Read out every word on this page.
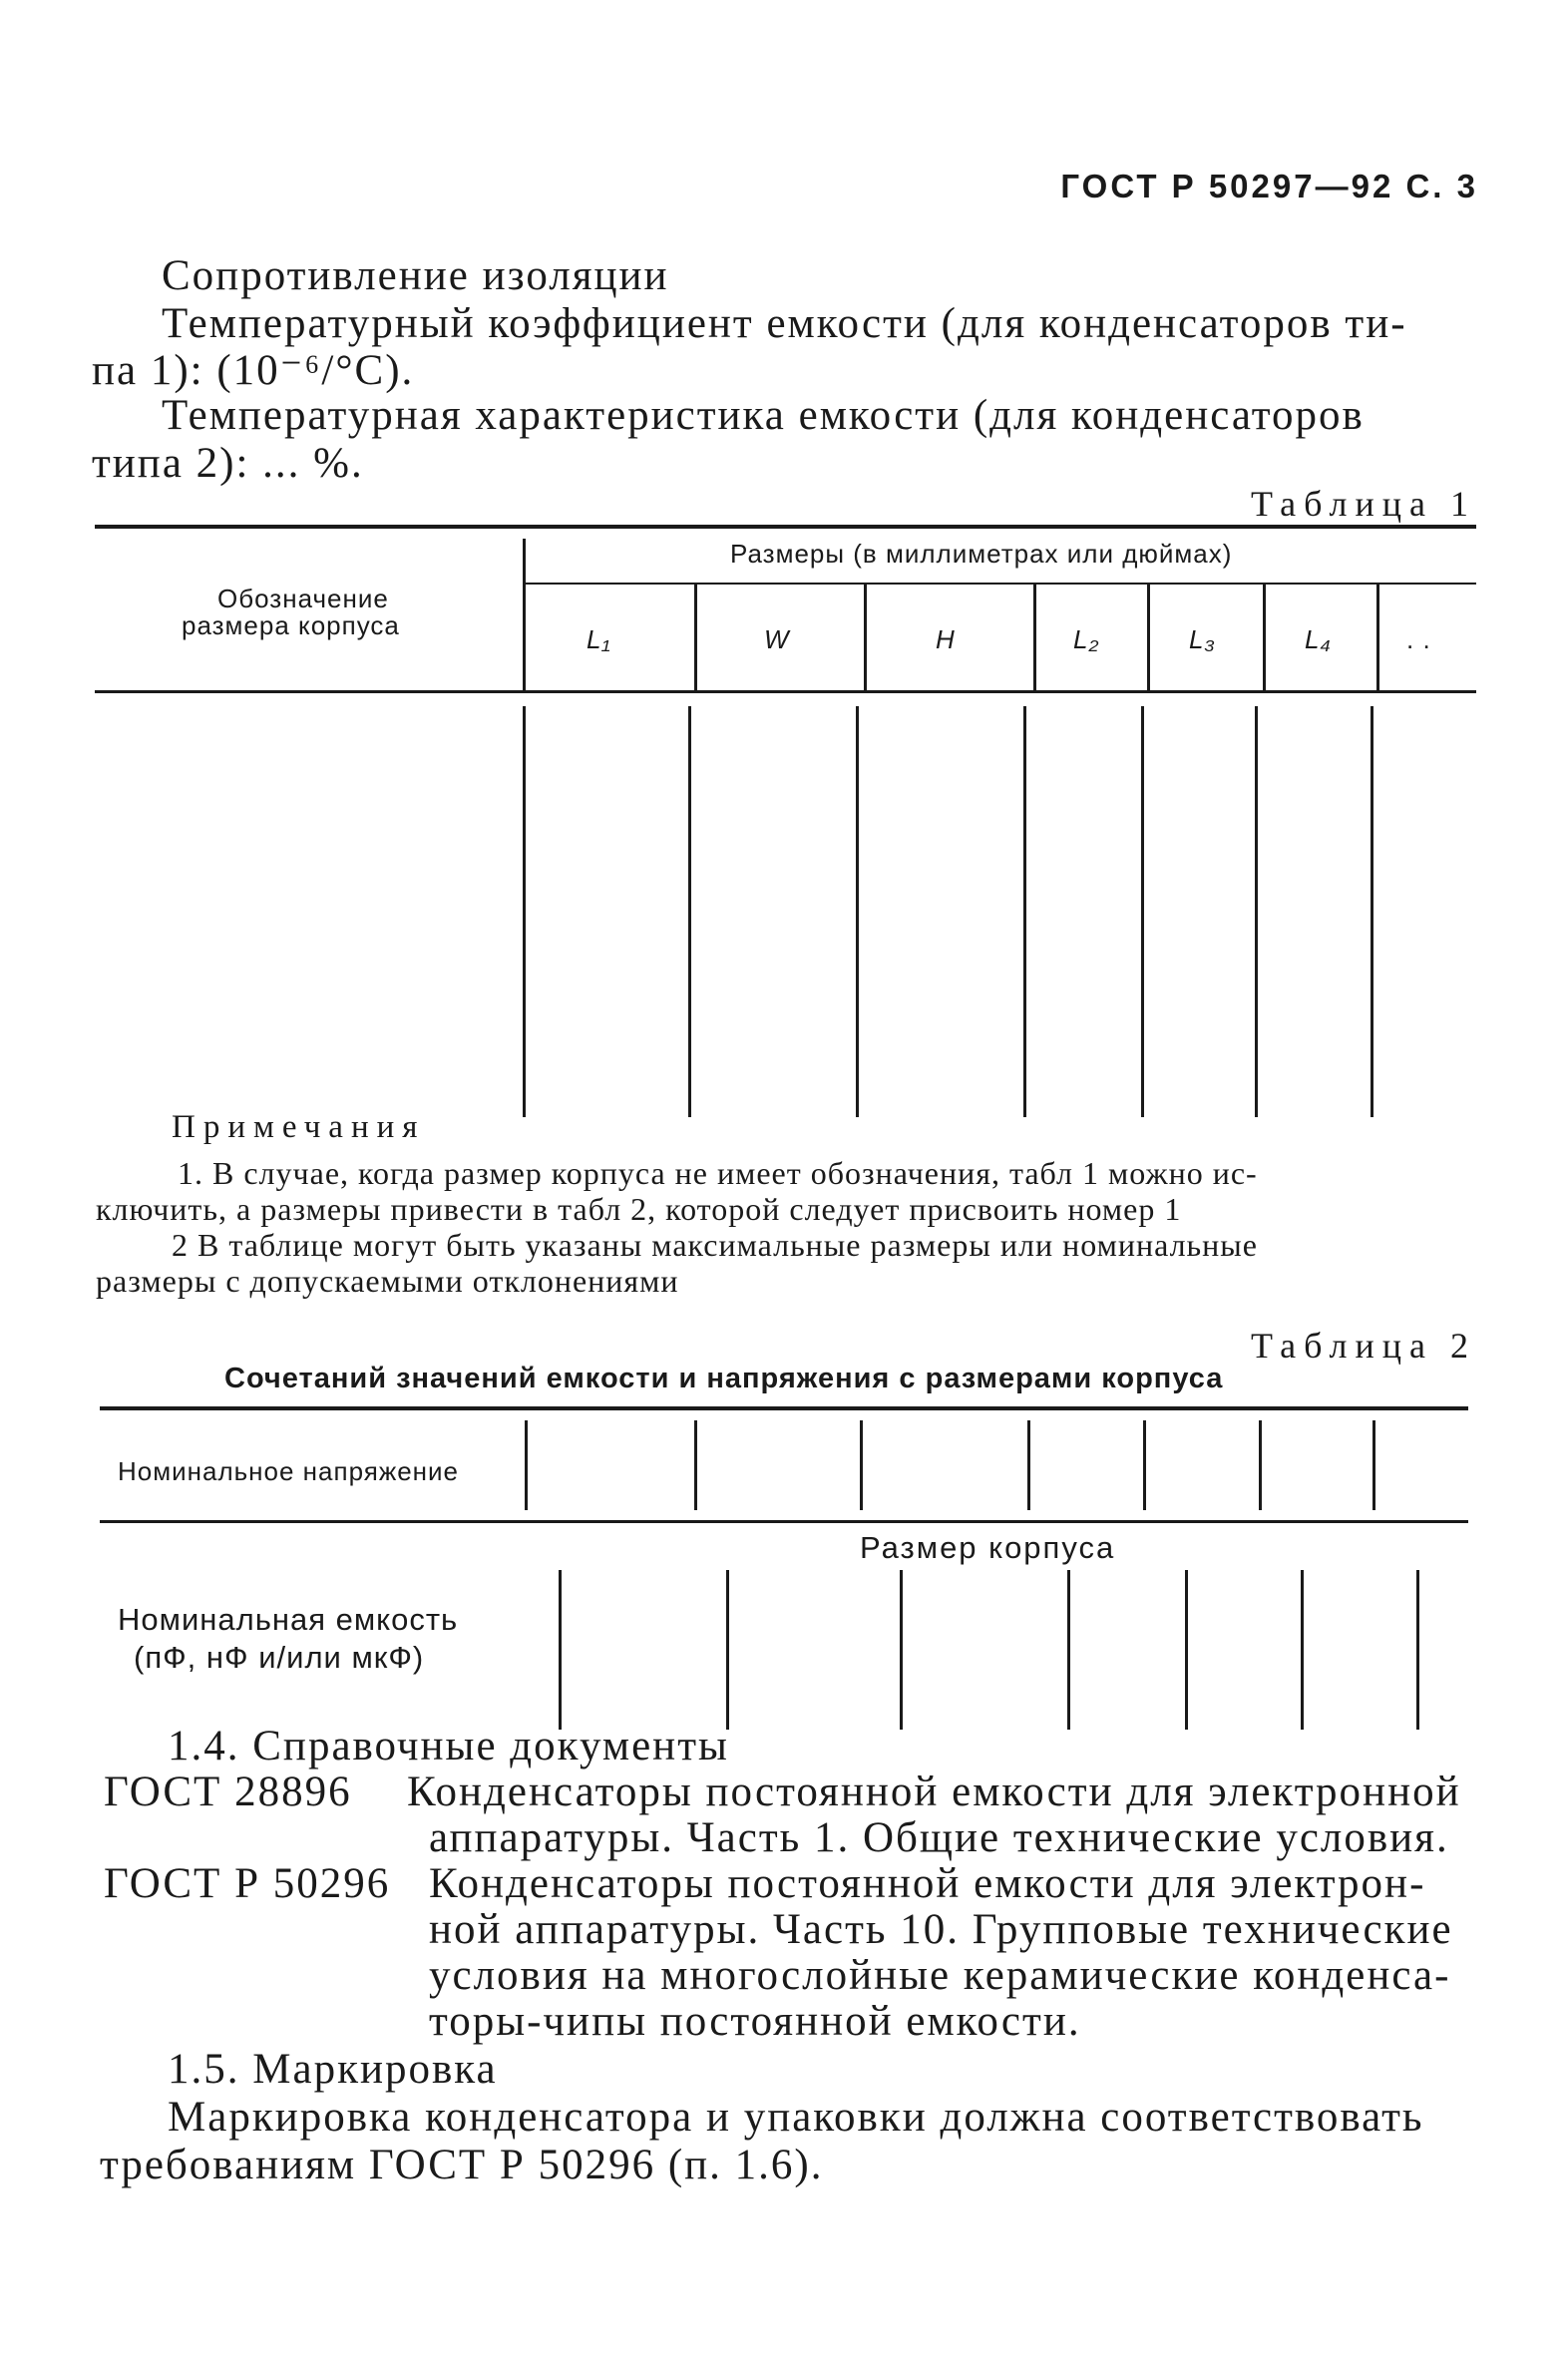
ГОСТ Р 50297—92 С. 3
Сопротивление изоляции
Температурный коэффициент емкости (для конденсаторов ти-
па 1): (10⁻⁶/°С).
Температурная характеристика емкости (для конденсаторов
типа 2): ... %.
Таблица 1
Обозначение
размера корпуса
Размеры (в миллиметрах или дюймах)
L₁	W	H	L₂	L₃	L₄	. .
Примечания
1. В случае, когда размер корпуса не имеет обозначения, табл 1 можно ис-
ключить, а размеры привести в табл 2, которой следует присвоить номер 1
2 В таблице могут быть указаны максимальные размеры или номинальные
размеры с допускаемыми отклонениями
Таблица 2
Сочетаний значений емкости и напряжения с размерами корпуса
Номинальное напряжение
Размер корпуса
Номинальная емкость
(пФ, нФ и/или мкФ)
1.4. Справочные документы
ГОСТ 28896 Конденсаторы постоянной емкости для электронной
аппаратуры. Часть 1. Общие технические условия.
ГОСТ Р 50296 Конденсаторы постоянной емкости для электрон-
ной аппаратуры. Часть 10. Групповые технические
условия на многослойные керамические конденса-
торы-чипы постоянной емкости.
1.5. Маркировка
Маркировка конденсатора и упаковки должна соответствовать
требованиям ГОСТ Р 50296 (п. 1.6).
